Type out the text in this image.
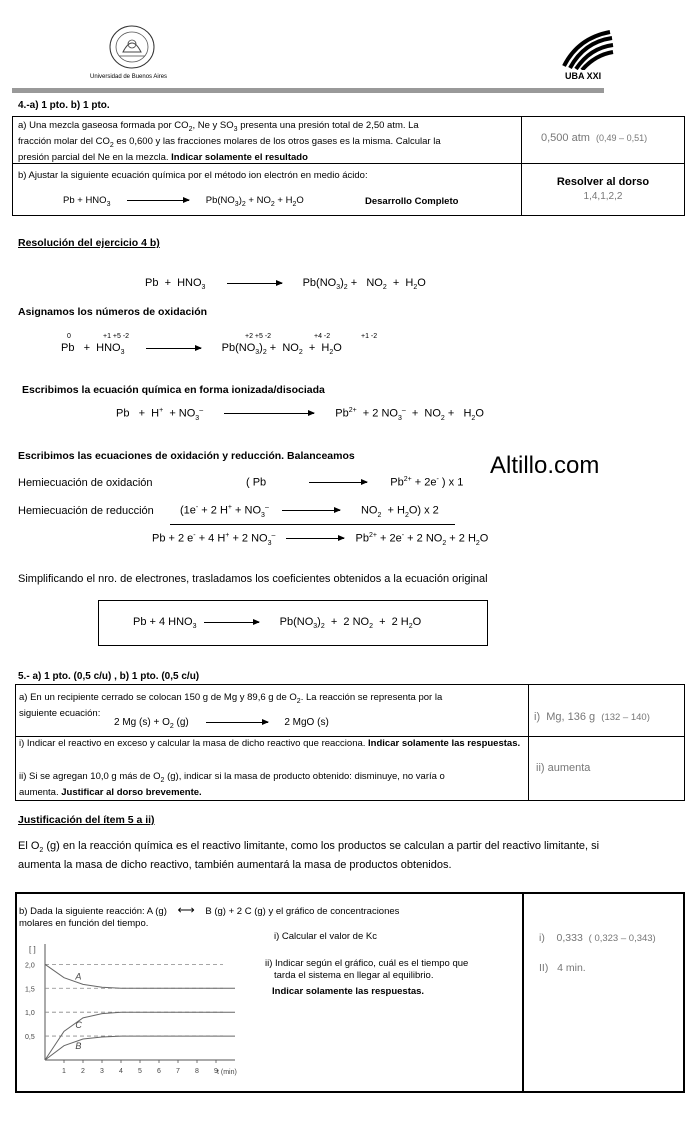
Universidad de Buenos Aires	UBA XXI
4.-a) 1 pto. b) 1 pto.
a) Una mezcla gaseosa formada por $CO_2$, Ne y $SO_3$ presenta una presión total de 2,50 atm. La
fracción molar del $CO_2$ es 0,600 y las fracciones molares de los otros gases es la misma. Calcular la
presión parcial del Ne en la mezcla. Indicar solamente el resultado
0,500 atm (0,49 – 0,51)
b) Ajustar la siguiente ecuación química por el método ion electrón en medio ácido:
$Pb + HNO_3$	$Pb(NO_3)_2 + NO_2 + H_2O$	Desarrollo Completo
Resolver al dorso
1,4,1,2,2
Resolución del ejercicio 4 b)
$Pb + HNO_3$	$Pb(NO_3)_2 + NO_2 + H_2O$
Asignamos los números de oxidación
0	+1 +5 -2	+2 +5 -2	+4 -2	+1 -2
$Pb + HNO_3$	$Pb(NO_3)_2 + NO_2 + H_2O$
Escribimos la ecuación química en forma ionizada/disociada
$Pb + H^+ + NO_3^-$	$Pb^{2+} + 2$ $NO_3^- + NO_2 + H_2O$
Escribimos las ecuaciones de oxidación y reducción. Balanceamos	Altillo.com
Hemiecuación de oxidación	( Pb	$Pb^{2+} + 2e^-$ ) x 1
Hemiecuación de reducción (1e- + 2 $H^+ + NO_3^-$	$NO_2 + H_2O$) x 2
Pb + 2 e- + 4 H+ + 2 $NO_3^-$	$Pb^{2+} + 2e^- + 2$ $NO_2 + 2$ $H_2O$
Simplificando el nro. de electrones, trasladamos los coeficientes obtenidos a la ecuación original
Pb + 4 $HNO_3$	$Pb(NO_3)_2 + 2$ $NO_2 + 2$ $H_2O$
5.- a) 1 pto. (0,5 c/u) , b) 1 pto. (0,5 c/u)
a) En un recipiente cerrado se colocan 150 g de Mg y 89,6 g de $O_2$. La reacción se representa por la
siguiente ecuación:
2 Mg $(s) + O_2$ (g)	2 MgO (s)
i) Indicar el reactivo en exceso y calcular la masa de dicho reactivo que reacciona. Indicar solamente las respuestas.
ii) Si se agregan 10,0 g más de $O_2$ (g), indicar si la masa de producto obtenido: disminuye, no varía o
aumenta. Justificar al dorso brevemente.
i) Mg, 136 g (132 – 140)
ii) aumenta
Justificación del ítem 5 a ii)
El $O_2$ (g) en la reacción química es el reactivo limitante, como los productos se calculan a partir del reactivo limitante, si
aumenta la masa de dicho reactivo, también aumentará la masa de productos obtenidos.
b) Dada la siguiente reacción: A (g) ⟷ B (g) + 2 C (g) y el gráfico de concentraciones
molares en función del tiempo.
i) Calcular el valor de Kc
ii) Indicar según el gráfico, cuál es el tiempo que
tarda el sistema en llegar al equilibrio.
Indicar solamente las respuestas.
i) 0,333 ( 0,323 – 0,343)
II) 4 min.
[ ]
t (min)
2,0
1,5
1,0
0,5
1 2 3 4 5 6 7 8 9
A
C
B
